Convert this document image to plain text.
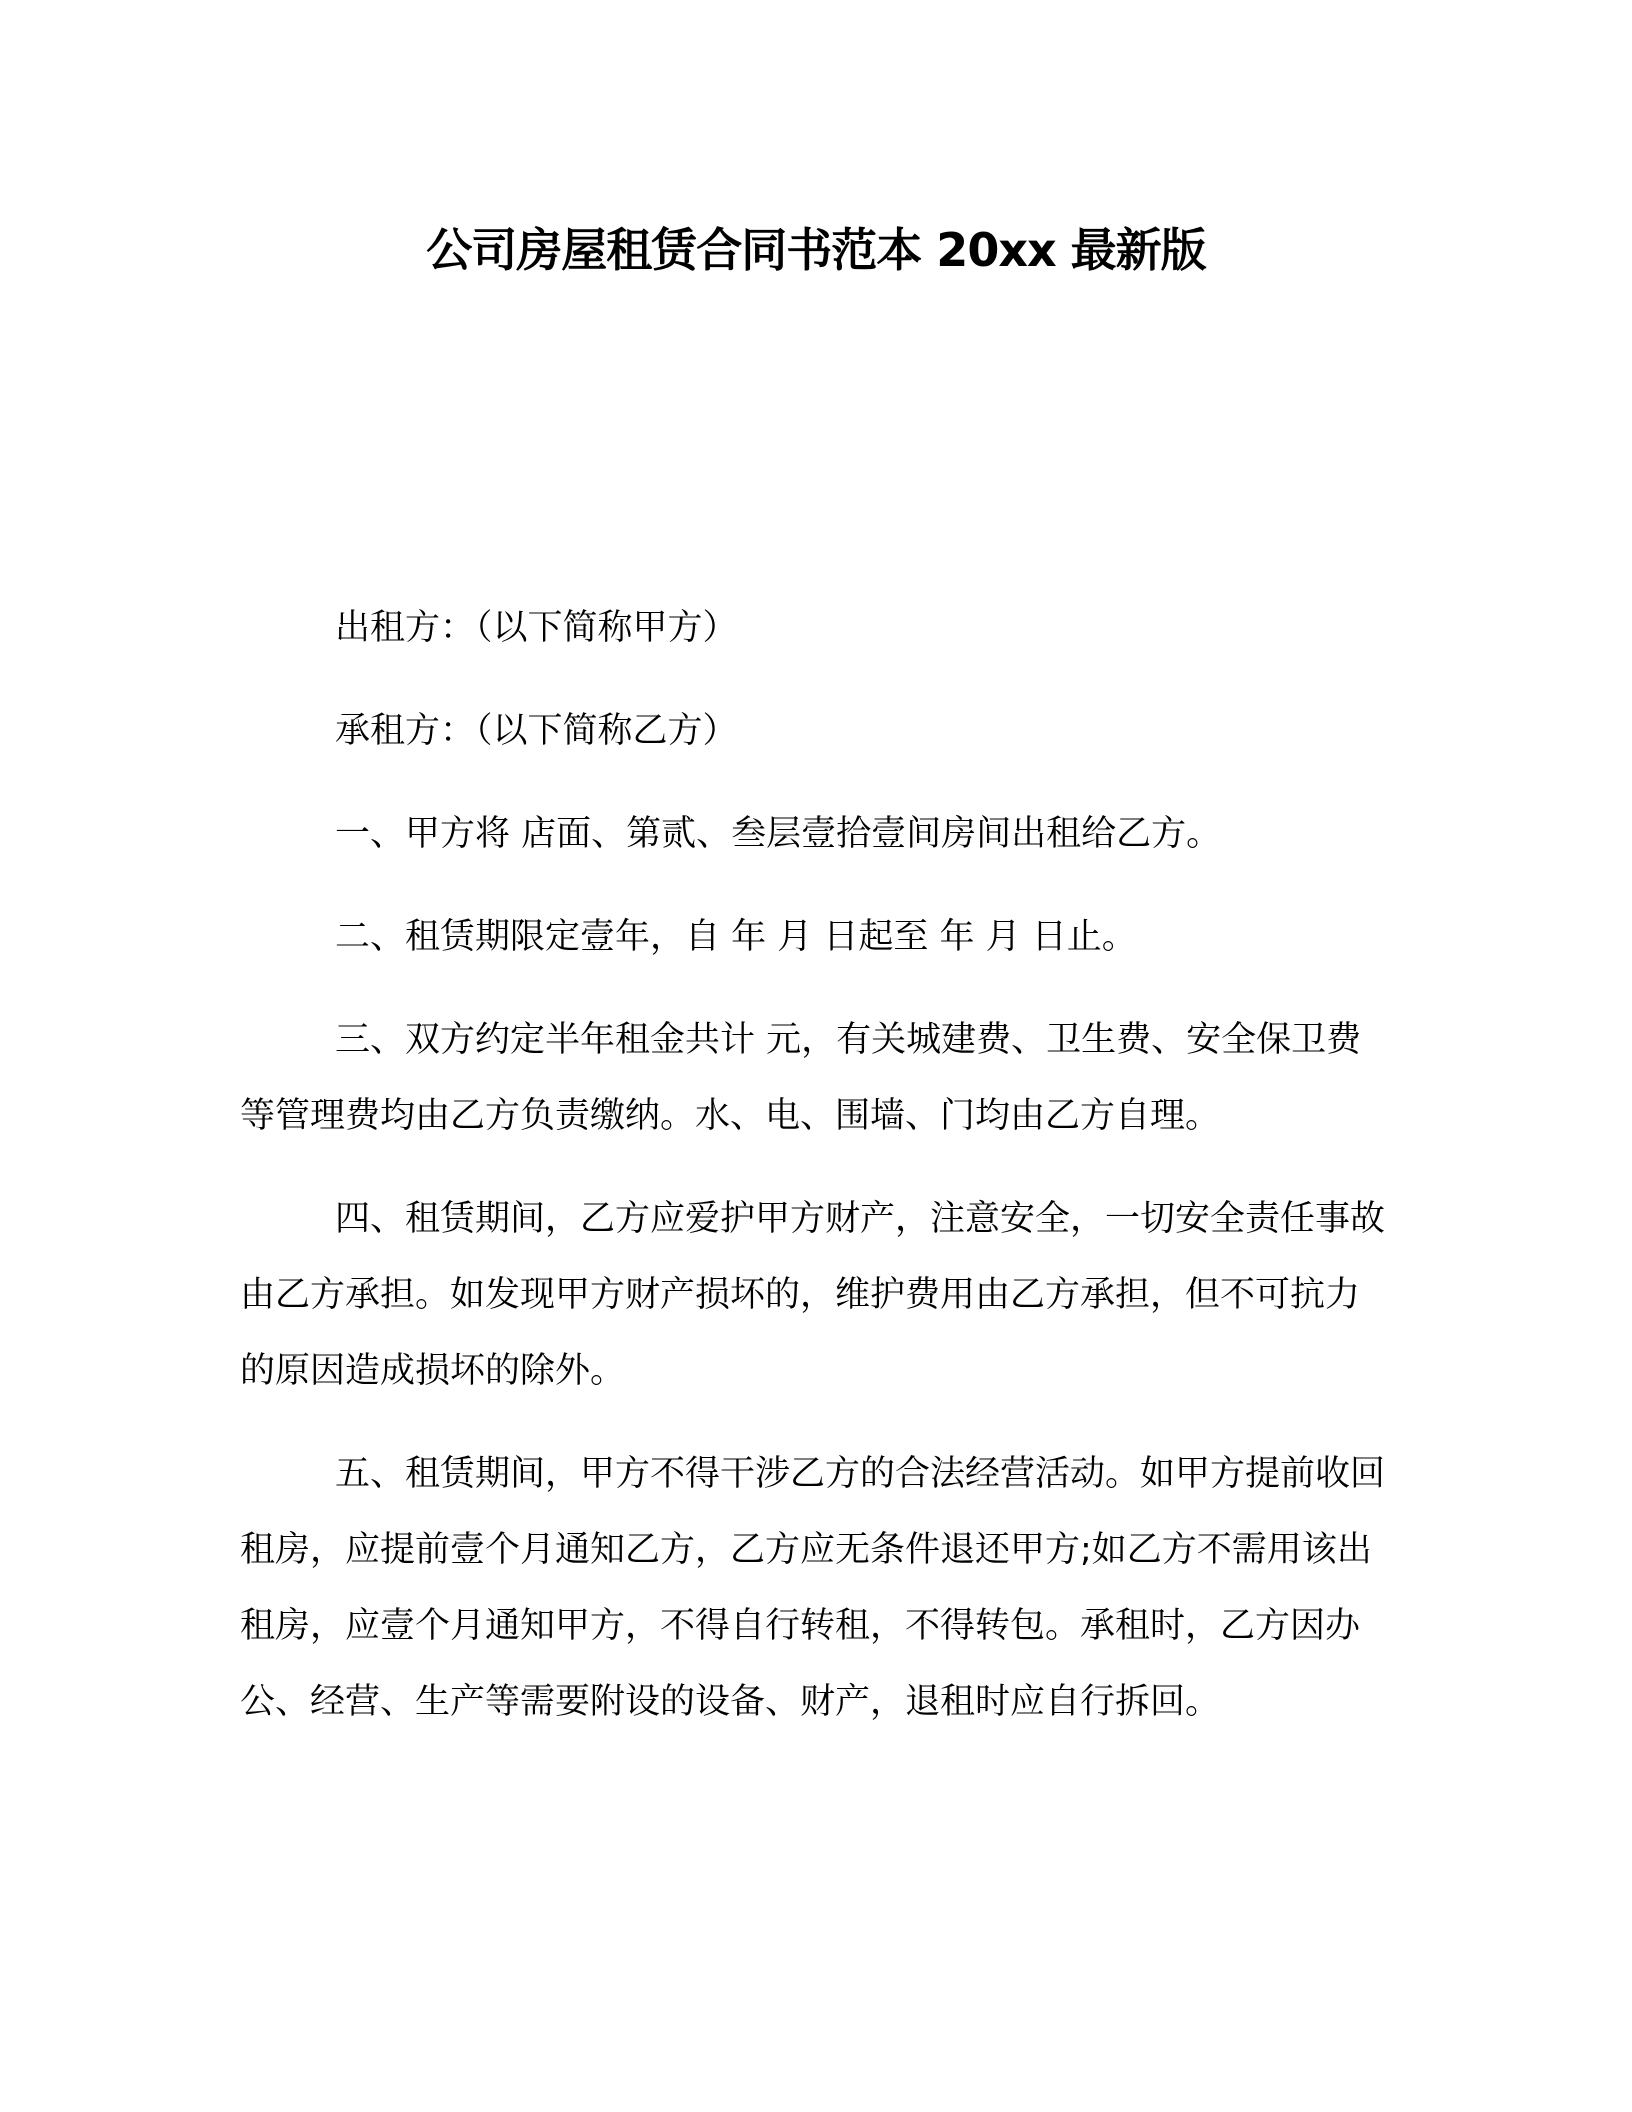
公司房屋租赁合同书范本 20xx 最新版

出租方：（以下简称甲方）

承租方：（以下简称乙方）

一、甲方将 店面、第贰、叁层壹拾壹间房间出租给乙方。

二、租赁期限定壹年，自 年 月 日起至 年 月 日止。

三、双方约定半年租金共计 元，有关城建费、卫生费、安全保卫费等管理费均由乙方负责缴纳。水、电、围墙、门均由乙方自理。

四、租赁期间，乙方应爱护甲方财产，注意安全，一切安全责任事故由乙方承担。如发现甲方财产损坏的，维护费用由乙方承担，但不可抗力的原因造成损坏的除外。

五、租赁期间，甲方不得干涉乙方的合法经营活动。如甲方提前收回租房，应提前壹个月通知乙方，乙方应无条件退还甲方;如乙方不需用该出租房，应壹个月通知甲方，不得自行转租，不得转包。承租时，乙方因办公、经营、生产等需要附设的设备、财产，退租时应自行拆回。
